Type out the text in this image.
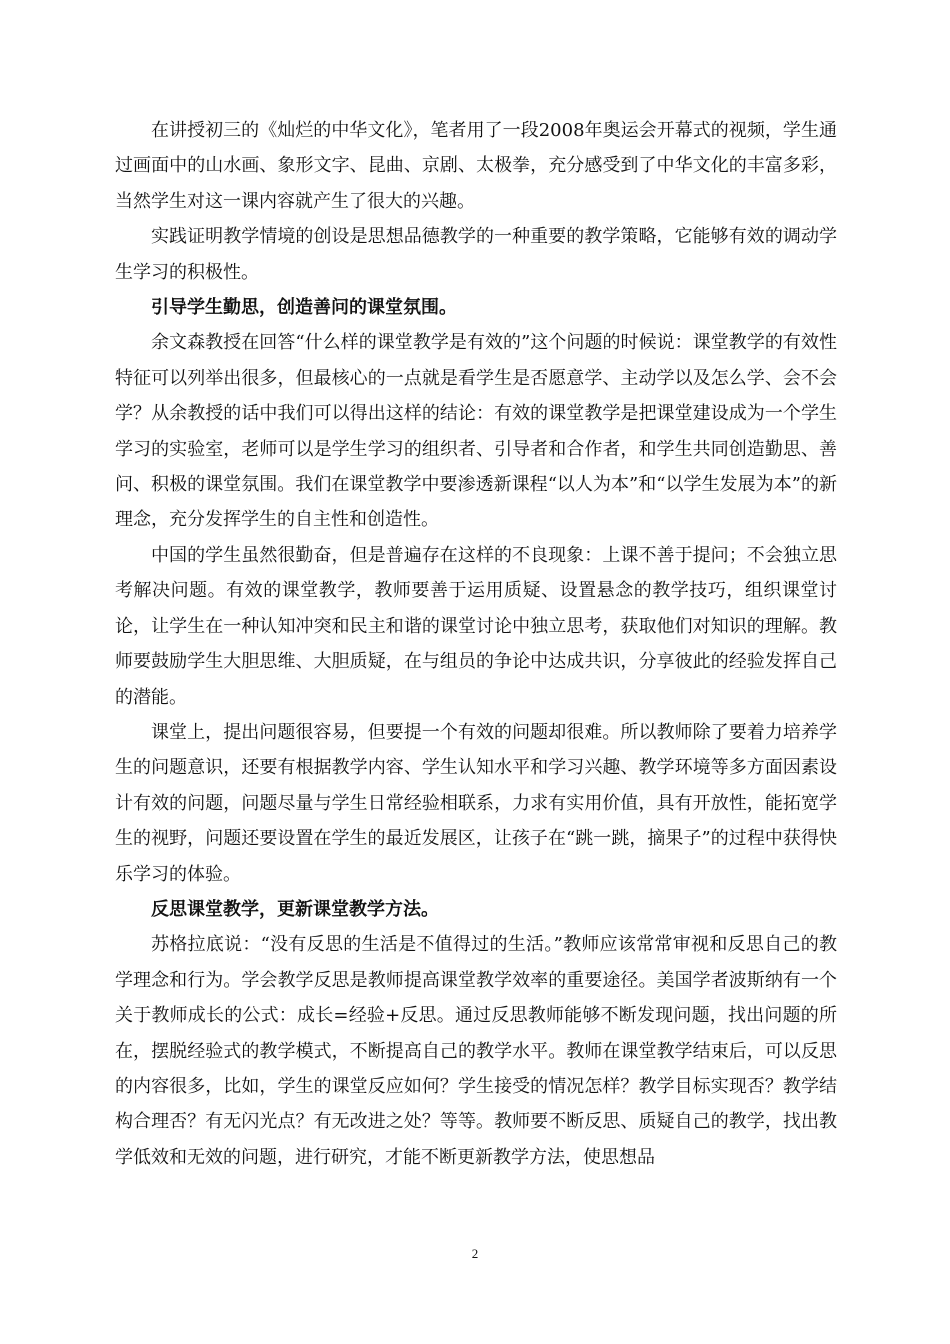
在讲授初三的《灿烂的中华文化》，笔者用了一段2008年奥运会开幕式的视频，学生通过画面中的山水画、象形文字、昆曲、京剧、太极拳，充分感受到了中华文化的丰富多彩，当然学生对这一课内容就产生了很大的兴趣。

实践证明教学情境的创设是思想品德教学的一种重要的教学策略，它能够有效的调动学生学习的积极性。

引导学生勤思，创造善问的课堂氛围。

余文森教授在回答“什么样的课堂教学是有效的”这个问题的时候说：课堂教学的有效性特征可以列举出很多，但最核心的一点就是看学生是否愿意学、主动学以及怎么学、会不会学？从余教授的话中我们可以得出这样的结论：有效的课堂教学是把课堂建设成为一个学生学习的实验室，老师可以是学生学习的组织者、引导者和合作者，和学生共同创造勤思、善问、积极的课堂氛围。我们在课堂教学中要渗透新课程“以人为本”和“以学生发展为本”的新理念，充分发挥学生的自主性和创造性。

中国的学生虽然很勤奋，但是普遍存在这样的不良现象：上课不善于提问；不会独立思考解决问题。有效的课堂教学，教师要善于运用质疑、设置悬念的教学技巧，组织课堂讨论，让学生在一种认知冲突和民主和谐的课堂讨论中独立思考，获取他们对知识的理解。教师要鼓励学生大胆思维、大胆质疑，在与组员的争论中达成共识，分享彼此的经验发挥自己的潜能。

课堂上，提出问题很容易，但要提一个有效的问题却很难。所以教师除了要着力培养学生的问题意识，还要有根据教学内容、学生认知水平和学习兴趣、教学环境等多方面因素设计有效的问题，问题尽量与学生日常经验相联系，力求有实用价值，具有开放性，能拓宽学生的视野，问题还要设置在学生的最近发展区，让孩子在“跳一跳，摘果子”的过程中获得快乐学习的体验。

反思课堂教学，更新课堂教学方法。

苏格拉底说：“没有反思的生活是不值得过的生活。”教师应该常常审视和反思自己的教学理念和行为。学会教学反思是教师提高课堂教学效率的重要途径。美国学者波斯纳有一个关于教师成长的公式：成长=经验+反思。通过反思教师能够不断发现问题，找出问题的所在，摆脱经验式的教学模式，不断提高自己的教学水平。教师在课堂教学结束后，可以反思的内容很多，比如，学生的课堂反应如何？学生接受的情况怎样？教学目标实现否？教学结构合理否？有无闪光点？有无改进之处？等等。教师要不断反思、质疑自己的教学，找出教学低效和无效的问题，进行研究，才能不断更新教学方法，使思想品

2
